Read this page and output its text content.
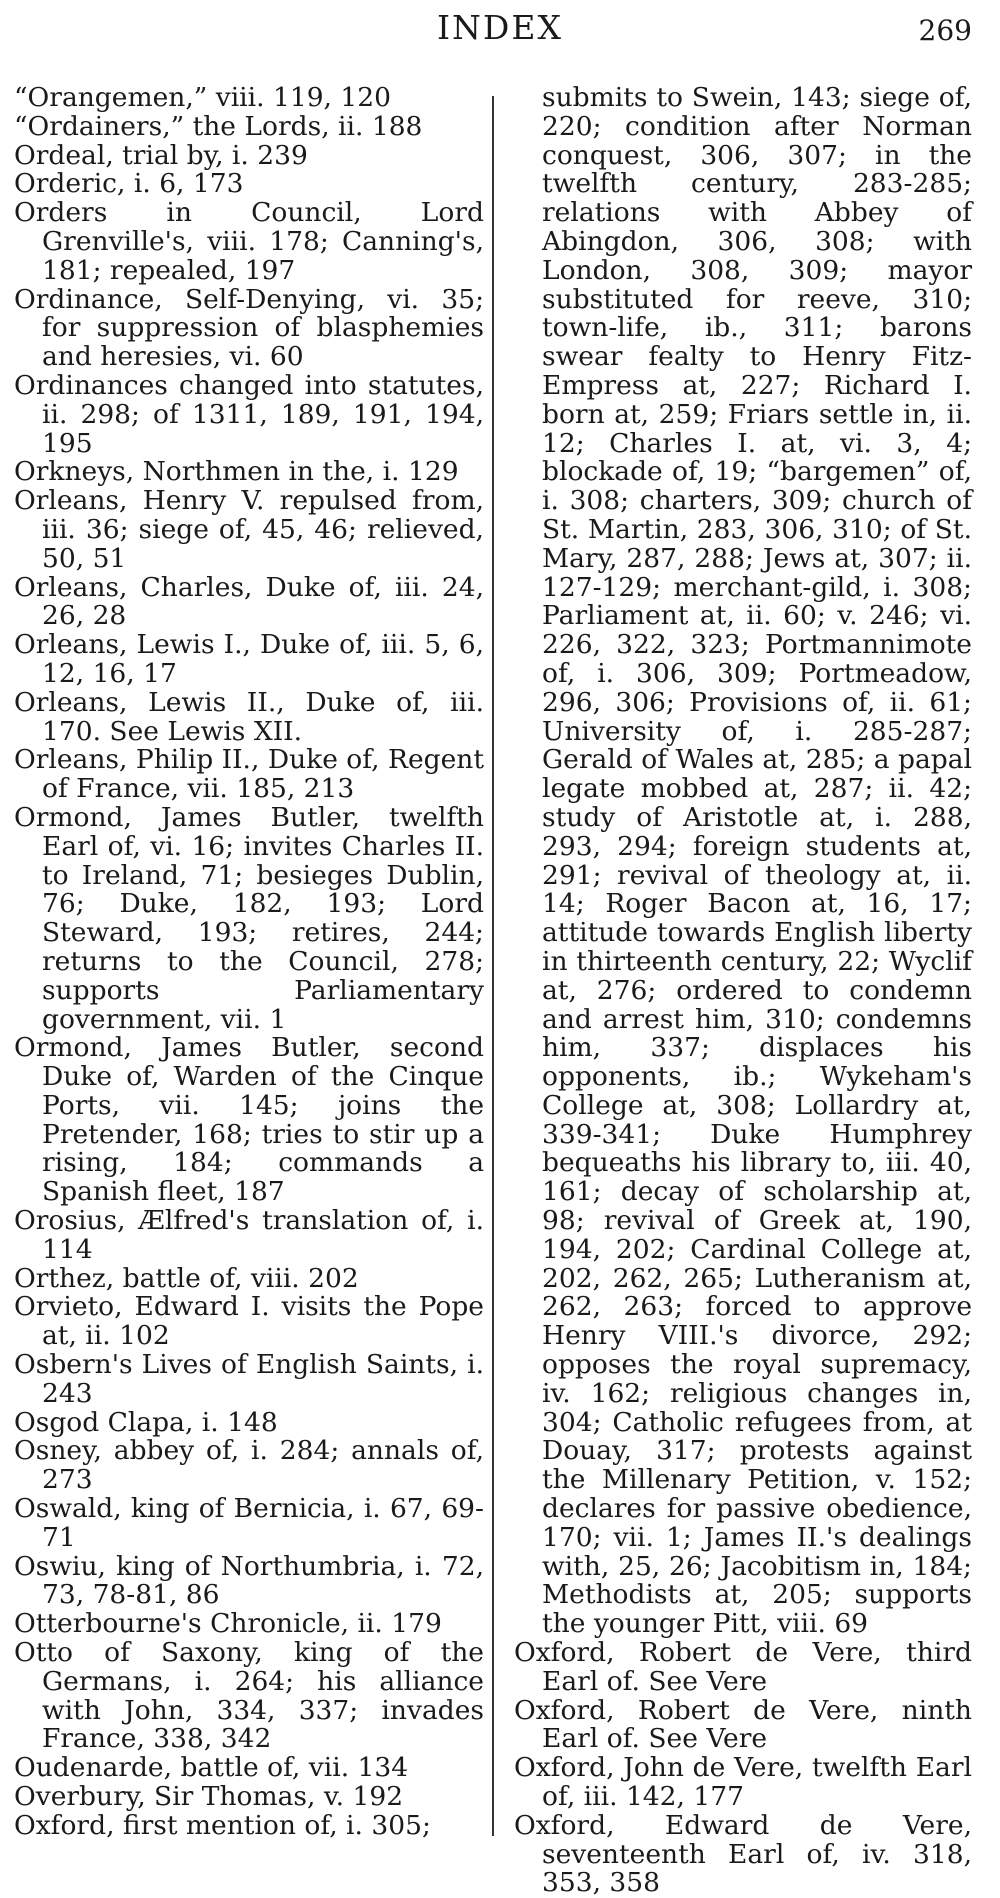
INDEX	269

“Orangemen,” viii. 119, 120

“Ordainers,” the Lords, ii. 188

Ordeal, trial by, i. 239

Orderic, i. 6, 173

Orders in Council, Lord Grenville's, viii. 178; Canning's, 181; repealed, 197

Ordinance, Self-Denying, vi. 35; for suppression of blasphemies and heresies, vi. 60

Ordinances changed into statutes, ii. 298; of 1311, 189, 191, 194, 195

Orkneys, Northmen in the, i. 129

Orleans, Henry V. repulsed from, iii. 36; siege of, 45, 46; relieved, 50, 51

Orleans, Charles, Duke of, iii. 24, 26, 28

Orleans, Lewis I., Duke of, iii. 5, 6, 12, 16, 17

Orleans, Lewis II., Duke of, iii. 170. See Lewis XII.

Orleans, Philip II., Duke of, Regent of France, vii. 185, 213

Ormond, James Butler, twelfth Earl of, vi. 16; invites Charles II. to Ireland, 71; besieges Dublin, 76; Duke, 182, 193; Lord Steward, 193; retires, 244; returns to the Council, 278; supports Parliamentary government, vii. 1

Ormond, James Butler, second Duke of, Warden of the Cinque Ports, vii. 145; joins the Pretender, 168; tries to stir up a rising, 184; commands a Spanish fleet, 187

Orosius, Ælfred's translation of, i. 114

Orthez, battle of, viii. 202

Orvieto, Edward I. visits the Pope at, ii. 102

Osbern's Lives of English Saints, i. 243

Osgod Clapa, i. 148

Osney, abbey of, i. 284; annals of, 273

Oswald, king of Bernicia, i. 67, 69-71

Oswiu, king of Northumbria, i. 72, 73, 78-81, 86

Otterbourne's Chronicle, ii. 179

Otto of Saxony, king of the Germans, i. 264; his alliance with John, 334, 337; invades France, 338, 342

Oudenarde, battle of, vii. 134

Overbury, Sir Thomas, v. 192

Oxford, first mention of, i. 305;

submits to Swein, 143; siege of, 220; condition after Norman conquest, 306, 307; in the twelfth century, 283-285; relations with Abbey of Abingdon, 306, 308; with London, 308, 309; mayor substituted for reeve, 310; town-life, ib., 311; barons swear fealty to Henry Fitz-Empress at, 227; Richard I. born at, 259; Friars settle in, ii. 12; Charles I. at, vi. 3, 4; blockade of, 19; “bargemen” of, i. 308; charters, 309; church of St. Martin, 283, 306, 310; of St. Mary, 287, 288; Jews at, 307; ii. 127-129; merchant-gild, i. 308; Parliament at, ii. 60; v. 246; vi. 226, 322, 323; Portmannimote of, i. 306, 309; Portmeadow, 296, 306; Provisions of, ii. 61; University of, i. 285-287; Gerald of Wales at, 285; a papal legate mobbed at, 287; ii. 42; study of Aristotle at, i. 288, 293, 294; foreign students at, 291; revival of theology at, ii. 14; Roger Bacon at, 16, 17; attitude towards English liberty in thirteenth century, 22; Wyclif at, 276; ordered to condemn and arrest him, 310; condemns him, 337; displaces his opponents, ib.; Wykeham's College at, 308; Lollardry at, 339-341; Duke Humphrey bequeaths his library to, iii. 40, 161; decay of scholarship at, 98; revival of Greek at, 190, 194, 202; Cardinal College at, 202, 262, 265; Lutheranism at, 262, 263; forced to approve Henry VIII.'s divorce, 292; opposes the royal supremacy, iv. 162; religious changes in, 304; Catholic refugees from, at Douay, 317; protests against the Millenary Petition, v. 152; declares for passive obedience, 170; vii. 1; James II.'s dealings with, 25, 26; Jacobitism in, 184; Methodists at, 205; supports the younger Pitt, viii. 69

Oxford, Robert de Vere, third Earl of. See Vere

Oxford, Robert de Vere, ninth Earl of. See Vere

Oxford, John de Vere, twelfth Earl of, iii. 142, 177

Oxford, Edward de Vere, seventeenth Earl of, iv. 318, 353, 358
